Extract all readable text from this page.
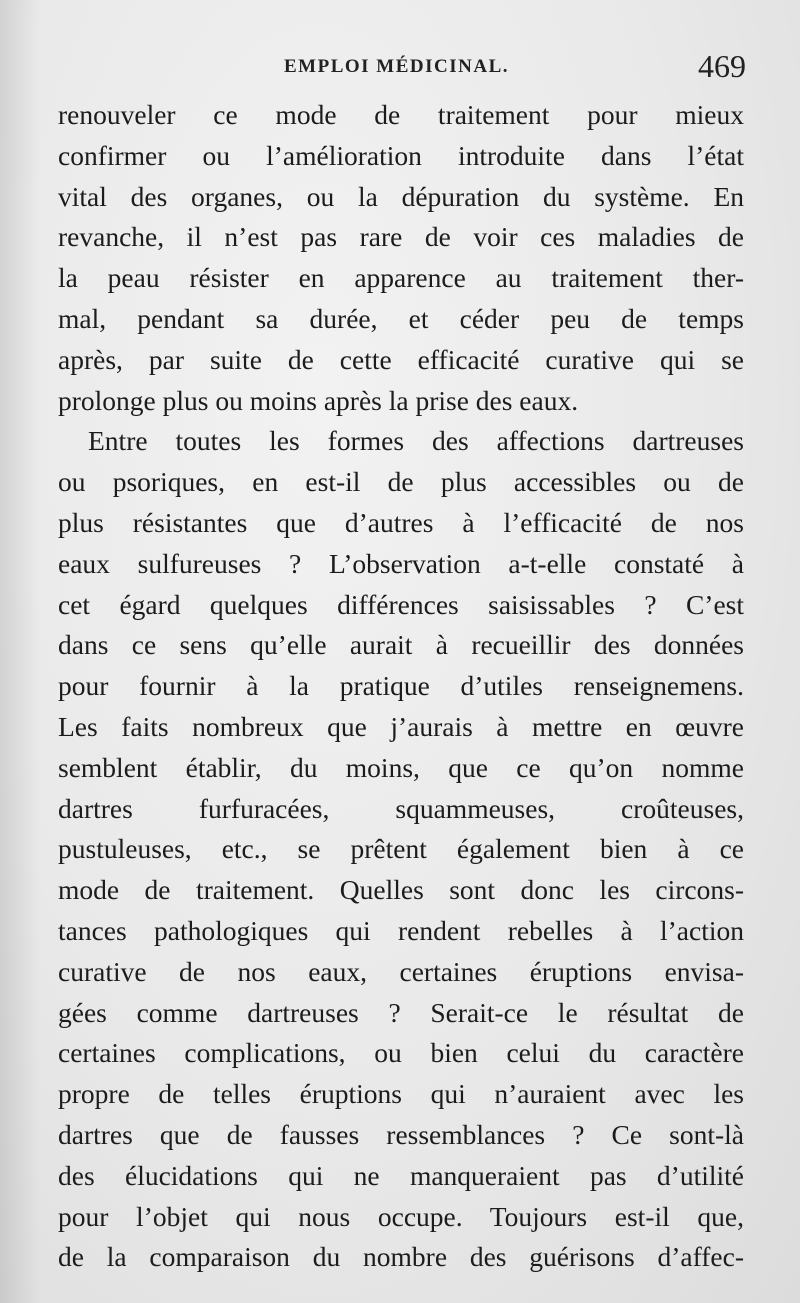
EMPLOI MÉDICINAL.	469
renouveler ce mode de traitement pour mieux
confirmer ou l’amélioration introduite dans l’état
vital des organes, ou la dépuration du système. En
revanche, il n’est pas rare de voir ces maladies de
la peau résister en apparence au traitement ther-
mal, pendant sa durée, et céder peu de temps
après, par suite de cette efficacité curative qui se
prolonge plus ou moins après la prise des eaux.
Entre toutes les formes des affections dartreuses
ou psoriques, en est-il de plus accessibles ou de
plus résistantes que d’autres à l’efficacité de nos
eaux sulfureuses ? L’observation a-t-elle constaté à
cet égard quelques différences saisissables ? C’est
dans ce sens qu’elle aurait à recueillir des données
pour fournir à la pratique d’utiles renseignemens.
Les faits nombreux que j’aurais à mettre en œuvre
semblent établir, du moins, que ce qu’on nomme
dartres furfuracées, squammeuses, croûteuses,
pustuleuses, etc., se prêtent également bien à ce
mode de traitement. Quelles sont donc les circons-
tances pathologiques qui rendent rebelles à l’action
curative de nos eaux, certaines éruptions envisa-
gées comme dartreuses ? Serait-ce le résultat de
certaines complications, ou bien celui du caractère
propre de telles éruptions qui n’auraient avec les
dartres que de fausses ressemblances ? Ce sont-là
des élucidations qui ne manqueraient pas d’utilité
pour l’objet qui nous occupe. Toujours est-il que,
de la comparaison du nombre des guérisons d’affec-
